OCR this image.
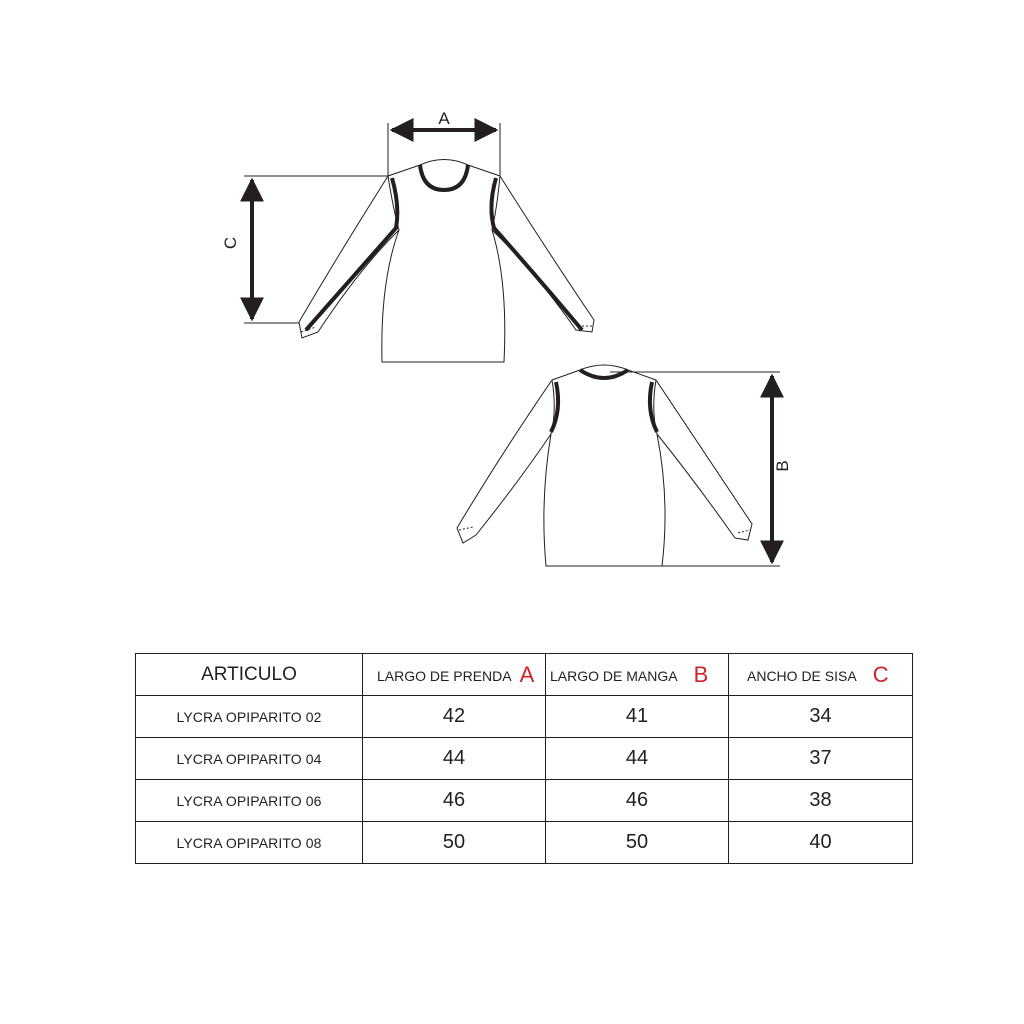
A
C
B
ARTICULO	LARGO DE PRENDA A	LARGO DE MANGA B	ANCHO DE SISA C
LYCRA OPIPARITO 02	42	41	34
LYCRA OPIPARITO 04	44	44	37
LYCRA OPIPARITO 06	46	46	38
LYCRA OPIPARITO 08	50	50	40
